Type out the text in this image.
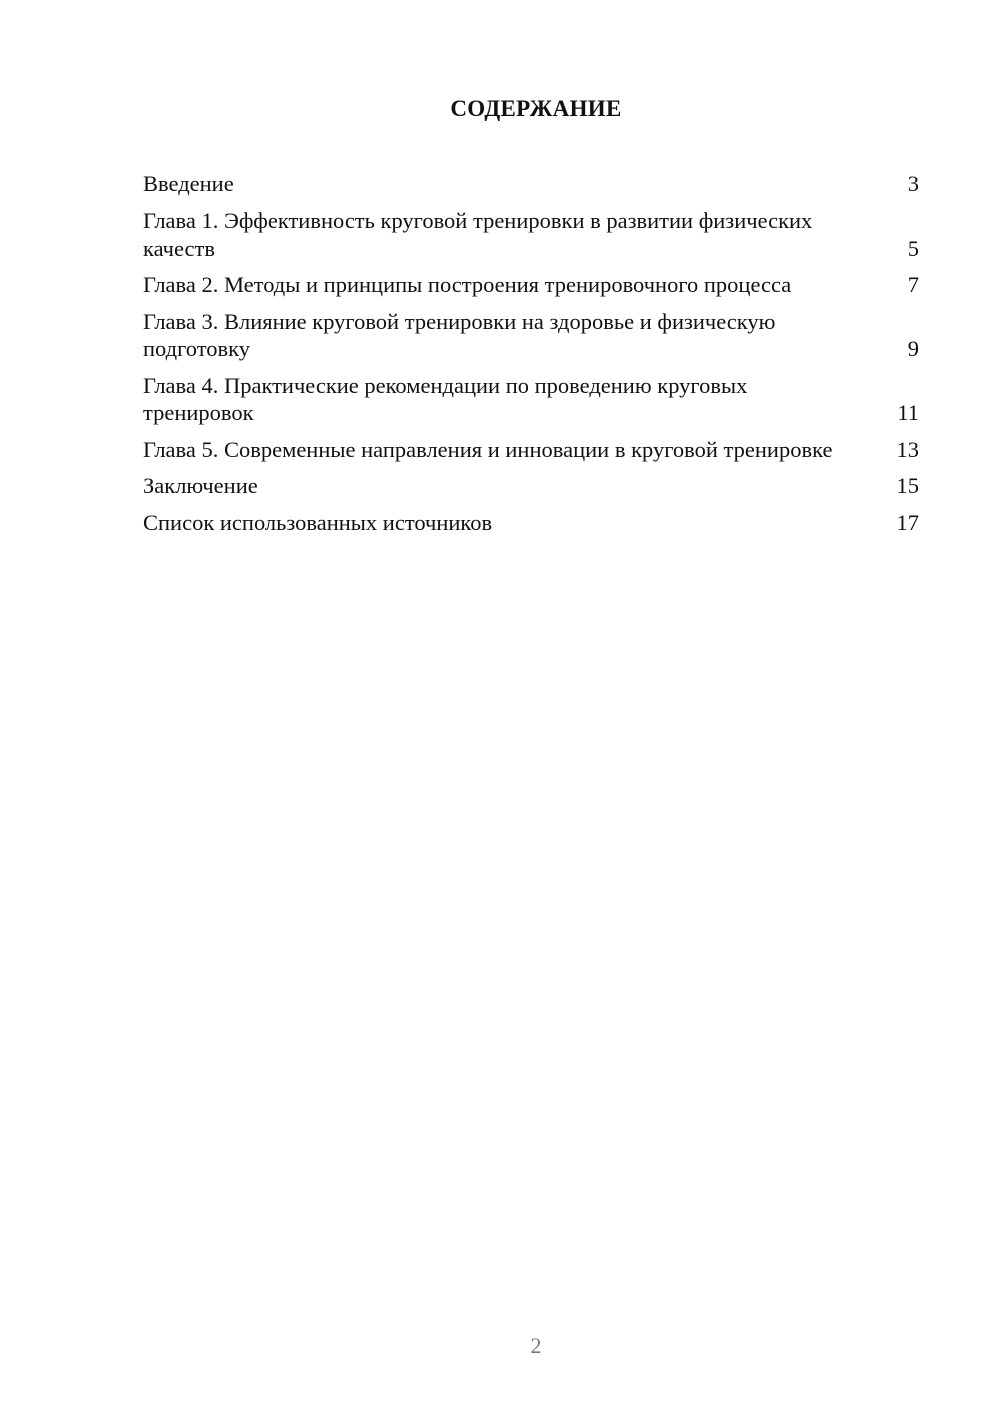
СОДЕРЖАНИЕ
Введение	3
Глава 1. Эффективность круговой тренировки в развитии физических качеств	5
Глава 2. Методы и принципы построения тренировочного процесса	7
Глава 3. Влияние круговой тренировки на здоровье и физическую подготовку	9
Глава 4. Практические рекомендации по проведению круговых тренировок	11
Глава 5. Современные направления и инновации в круговой тренировке	13
Заключение	15
Список использованных источников	17
2
